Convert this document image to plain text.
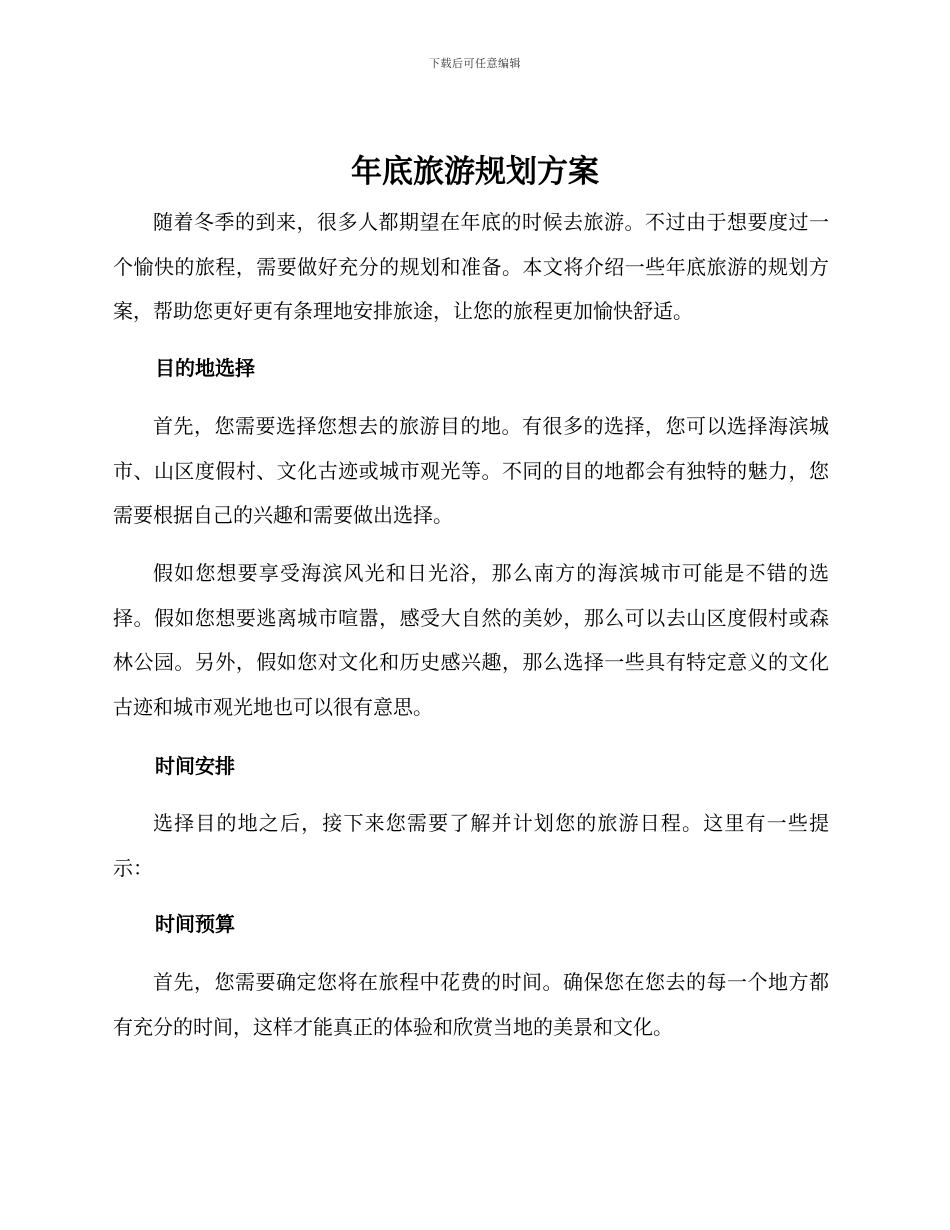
下载后可任意编辑
年底旅游规划方案

随着冬季的到来，很多人都期望在年底的时候去旅游。不过由于想要度过一个愉快的旅程，需要做好充分的规划和准备。本文将介绍一些年底旅游的规划方案，帮助您更好更有条理地安排旅途，让您的旅程更加愉快舒适。

目的地选择

首先，您需要选择您想去的旅游目的地。有很多的选择，您可以选择海滨城市、山区度假村、文化古迹或城市观光等。不同的目的地都会有独特的魅力，您需要根据自己的兴趣和需要做出选择。

假如您想要享受海滨风光和日光浴，那么南方的海滨城市可能是不错的选择。假如您想要逃离城市喧嚣，感受大自然的美妙，那么可以去山区度假村或森林公园。另外，假如您对文化和历史感兴趣，那么选择一些具有特定意义的文化古迹和城市观光地也可以很有意思。

时间安排

选择目的地之后，接下来您需要了解并计划您的旅游日程。这里有一些提示：

时间预算

首先，您需要确定您将在旅程中花费的时间。确保您在您去的每一个地方都有充分的时间，这样才能真正的体验和欣赏当地的美景和文化。
